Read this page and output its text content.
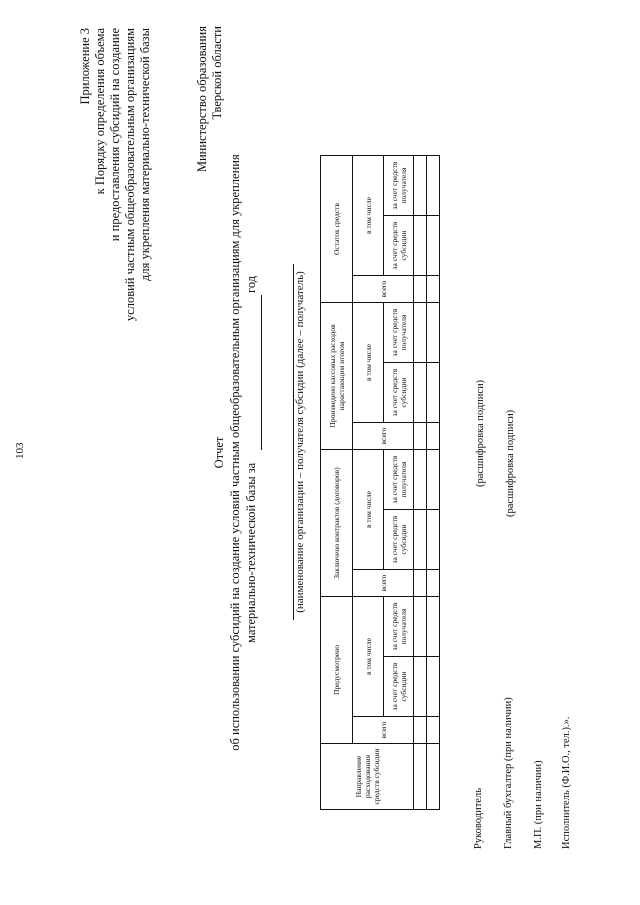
103
Приложение 3 к Порядку определения объема и предоставления субсидий на создание условий частным общеобразовательным организациям для укрепления материально-технической базы	Министерство образования Тверской области
Отчет об использовании субсидий на создание условий частным общеобразовательным организациям для укрепления материально-технической базы за
год	(наименование организации – получателя субсидии (далее – получатель)
Направление расходования средств субсидии	Предусмотрено			Заключено контрактов (договоров)			Произведено кассовых расходов нарастающим итогом			Остаток средств		
	всего	в том числе		всего	в том числе		всего	в том числе		всего	в том числе	
		за счет средств субсидии	за счет средств получателя		за счет средств субсидии	за счет средств получателя		за счет средств субсидии	за счет средств получателя		за счет средств субсидии	за счет средств получателя

Руководитель
(расшифровка подписи)
Главный бухгалтер (при наличии)
(расшифровка подписи)
М.П. (при наличии) Исполнитель (Ф.И.О., тел.).».
